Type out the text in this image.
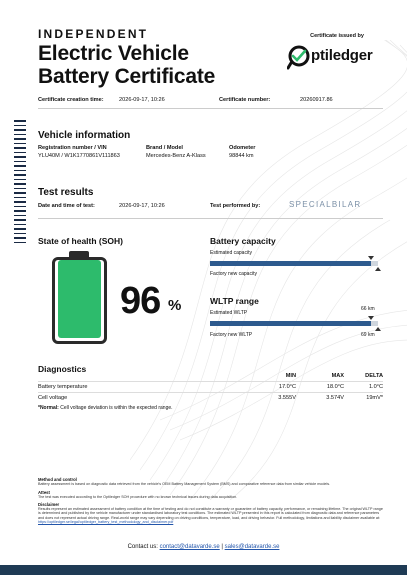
INDEPENDENT
Electric Vehicle
Battery Certificate
Certificate issued by
ptiledger
Certificate creation time:	2026-09-17, 10:26	Certificate number:	20260917.86
Vehicle information
Registration number / VIN
YLU40M / W1K1770861V111863
Brand / Model
Mercedes-Benz A-Klass
Odometer
98844 km
Test results
Date and time of test:	2026-09-17, 10:26	Test performed by:	SPECIALBILAR
State of health (SOH)
96 %
Battery capacity
Estimated capacity
Factory new capacity
WLTP range
Estimated WLTP
66 km
Factory new WLTP	69 km
Diagnostics
	MIN	MAX	DELTA
Battery temperature	17.0°C	18.0°C	1.0°C
Cell voltage	3.555V	3.574V	19mV*
*Normal: Cell voltage deviation is within the expected range.
Method and control
Battery assessment is based on diagnostic data retrieved from the vehicle's OEM Battery Management System (BMS) and comparative reference data from similar vehicle models.
Attest
The test was executed according to the Optiledger SOH procedure with no known technical issues during data acquisition.
Disclaimer
Results represent an estimated assessment of battery condition at the time of testing and do not constitute a warranty or guarantee of battery capacity, performance, or remaining lifetime. The original WLTP range is determined and published by the vehicle manufacturer under standardised laboratory test conditions. The estimated WLTP presented in this report is calculated from diagnostic data and reference parameters and does not represent actual driving range. Real-world range may vary depending on driving conditions, temperature, load, and driving behavior. Full methodology, limitations and liability disclaimer available at: https://optiledger.se/legal/optiledger_battery_test_methodology_and_disclaimer.pdf
Contact us: contact@datavarde.se | sales@datavarde.se
